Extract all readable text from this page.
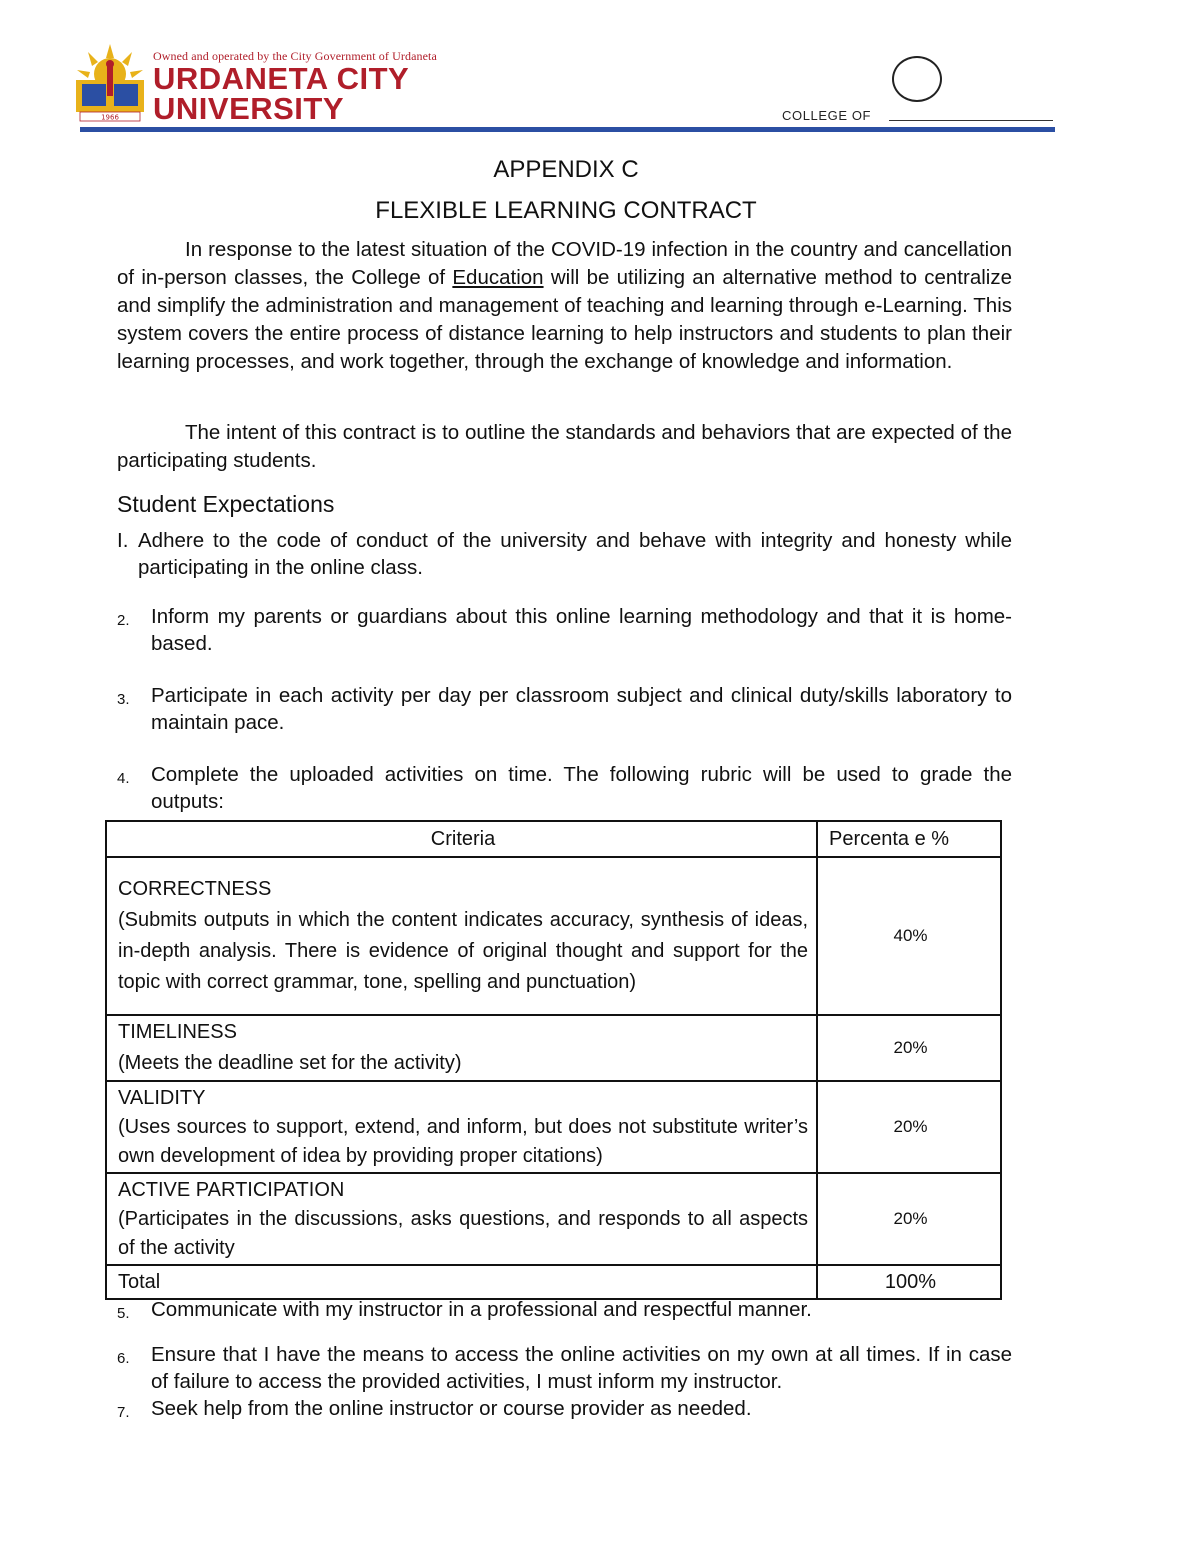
1966
Owned and operated by the City Government of Urdaneta
URDANETA CITY
UNIVERSITY	COLLEGE OF
APPENDIX C
FLEXIBLE LEARNING CONTRACT

In response to the latest situation of the COVID-19 infection in the country and cancellation of in-person classes, the College of Education will be utilizing an alternative method to centralize and simplify the administration and management of teaching and learning through e-Learning. This system covers the entire process of distance learning to help instructors and students to plan their learning processes, and work together, through the exchange of knowledge and information.

The intent of this contract is to outline the standards and behaviors that are expected of the participating students.

Student Expectations
I. Adhere to the code of conduct of the university and behave with integrity and honesty while participating in the online class.
2. Inform my parents or guardians about this online learning methodology and that it is home-based.
3. Participate in each activity per day per classroom subject and clinical duty/skills laboratory to maintain pace.
4. Complete the uploaded activities on time. The following rubric will be used to grade the outputs:
Criteria	Percenta e %

CORRECTNESS
(Submits outputs in which the content indicates accuracy, synthesis of ideas, in-depth analysis. There is evidence of original thought and support for the topic with correct grammar, tone, spelling and punctuation)	40%

TIMELINESS
(Meets the deadline set for the activity)	20%

VALIDITY
(Uses sources to support, extend, and inform, but does not substitute writer’s own development of idea by providing proper citations)	20%

ACTIVE PARTICIPATION
(Participates in the discussions, asks questions, and responds to all aspects of the activity	20%
Total	100%
5. Communicate with my instructor in a professional and respectful manner.
6. Ensure that I have the means to access the online activities on my own at all times. If in case of failure to access the provided activities, I must inform my instructor.
7. Seek help from the online instructor or course provider as needed.
